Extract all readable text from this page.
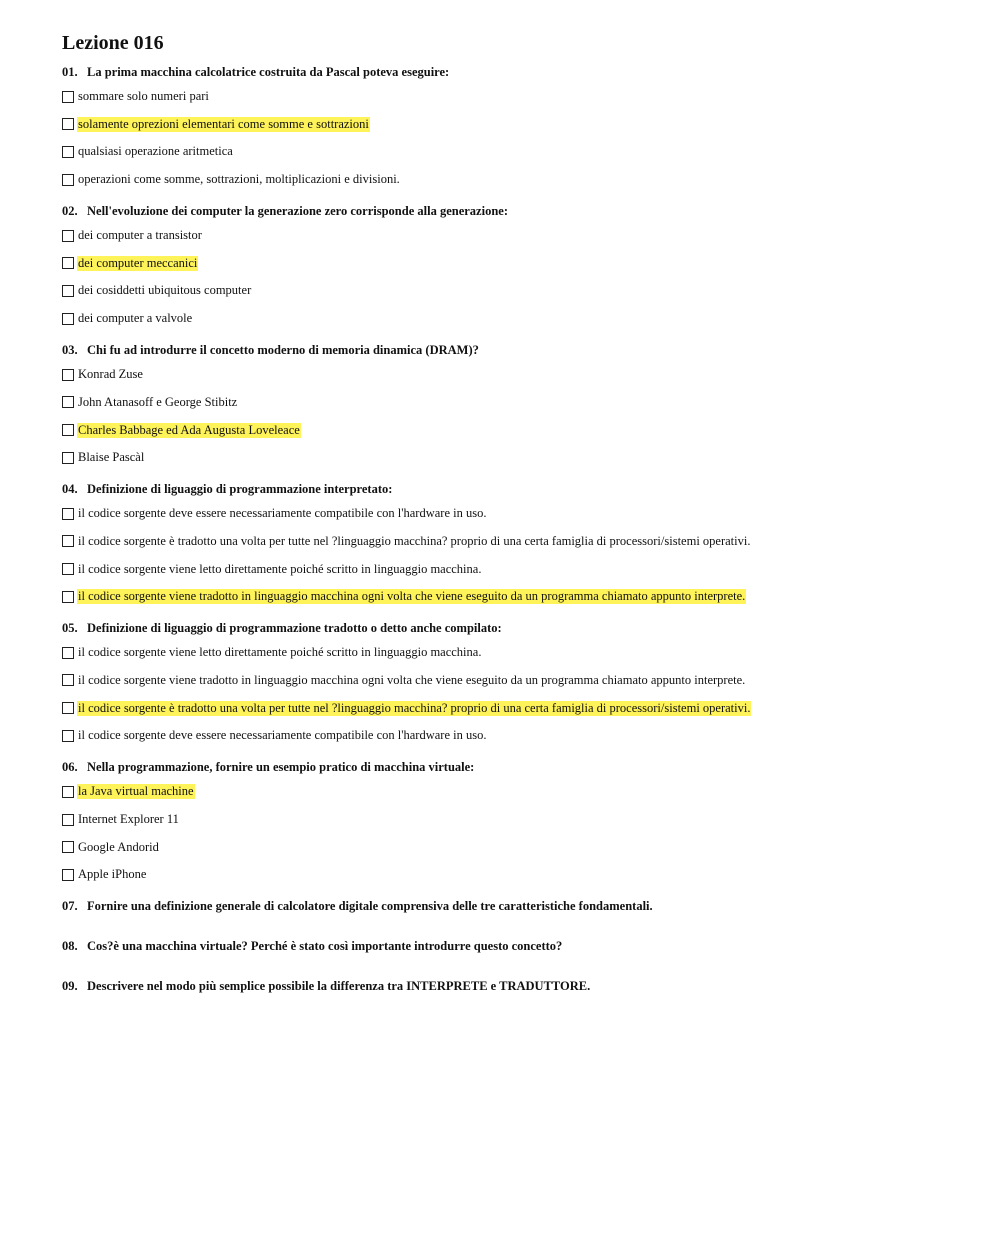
Lezione 016
01. La prima macchina calcolatrice costruita da Pascal poteva eseguire:
sommare solo numeri pari
solamente oprezioni elementari come somme e sottrazioni
qualsiasi operazione aritmetica
operazioni come somme, sottrazioni, moltiplicazioni e divisioni.
02. Nell'evoluzione dei computer la generazione zero corrisponde alla generazione:
dei computer a transistor
dei computer meccanici
dei cosiddetti ubiquitous computer
dei computer a valvole
03. Chi fu ad introdurre il concetto moderno di memoria dinamica (DRAM)?
Konrad Zuse
John Atanasoff e George Stibitz
Charles Babbage ed Ada Augusta Loveleace
Blaise Pascàl
04. Definizione di liguaggio di programmazione interpretato:
il codice sorgente deve essere necessariamente compatibile con l'hardware in uso.
il codice sorgente è tradotto una volta per tutte nel ?linguaggio macchina? proprio di una certa famiglia di processori/sistemi operativi.
il codice sorgente viene letto direttamente poiché scritto in linguaggio macchina.
il codice sorgente viene tradotto in linguaggio macchina ogni volta che viene eseguito da un programma chiamato appunto interprete.
05. Definizione di liguaggio di programmazione tradotto o detto anche compilato:
il codice sorgente viene letto direttamente poiché scritto in linguaggio macchina.
il codice sorgente viene tradotto in linguaggio macchina ogni volta che viene eseguito da un programma chiamato appunto interprete.
il codice sorgente è tradotto una volta per tutte nel ?linguaggio macchina? proprio di una certa famiglia di processori/sistemi operativi.
il codice sorgente deve essere necessariamente compatibile con l'hardware in uso.
06. Nella programmazione, fornire un esempio pratico di macchina virtuale:
la Java virtual machine
Internet Explorer 11
Google Andorid
Apple iPhone
07. Fornire una definizione generale di calcolatore digitale comprensiva delle tre caratteristiche fondamentali.
08. Cos?è una macchina virtuale? Perché è stato così importante introdurre questo concetto?
09. Descrivere nel modo più semplice possibile la differenza tra INTERPRETE e TRADUTTORE.
